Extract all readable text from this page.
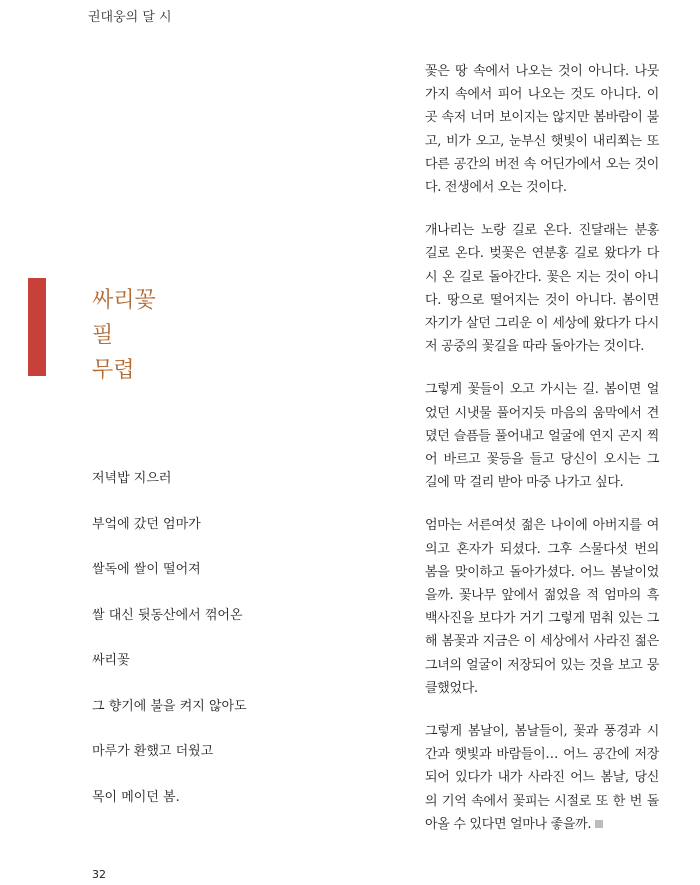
권대웅의 달 시
싸리꽃
필
무렵
저녁밥 지으러
부엌에 갔던 엄마가
쌀독에 쌀이 떨어져
쌀 대신 뒷동산에서 꺾어온
싸리꽃
그 향기에 불을 켜지 않아도
마루가 환했고 더웠고
목이 메이던 봄.

꽃은 땅 속에서 나오는 것이 아니다. 나뭇가지 속에서 피어 나오는 것도 아니다. 이곳 속저 너머 보이지는 않지만 봄바람이 불고, 비가 오고, 눈부신 햇빛이 내리쬐는 또다른 공간의 버전 속 어딘가에서 오는 것이다. 전생에서 오는 것이다.

개나리는 노랑 길로 온다. 진달래는 분홍 길로 온다. 벚꽃은 연분홍 길로 왔다가 다시 온 길로 돌아간다. 꽃은 지는 것이 아니다. 땅으로 떨어지는 것이 아니다. 봄이면 자기가 살던 그리운 이 세상에 왔다가 다시 저 공중의 꽃길을 따라 돌아가는 것이다.

그렇게 꽃들이 오고 가시는 길. 봄이면 얼었던 시냇물 풀어지듯 마음의 움막에서 견뎠던 슬픔들 풀어내고 얼굴에 연지 곤지 찍어 바르고 꽃등을 들고 당신이 오시는 그 길에 막 걸리 받아 마중 나가고 싶다.

엄마는 서른여섯 젊은 나이에 아버지를 여의고 혼자가 되셨다. 그후 스물다섯 번의 봄을 맞이하고 돌아가셨다. 어느 봄날이었을까. 꽃나무 앞에서 젊었을 적 엄마의 흑백사진을 보다가 거기 그렇게 멈춰 있는 그해 봄꽃과 지금은 이 세상에서 사라진 젊은 그녀의 얼굴이 저장되어 있는 것을 보고 뭉클했었다.

그렇게 봄날이, 봄날들이, 꽃과 풍경과 시간과 햇빛과 바람들이… 어느 공간에 저장되어 있다가 내가 사라진 어느 봄날, 당신의 기억 속에서 꽃피는 시절로 또 한 번 돌아올 수 있다면 얼마나 좋을까.

32
